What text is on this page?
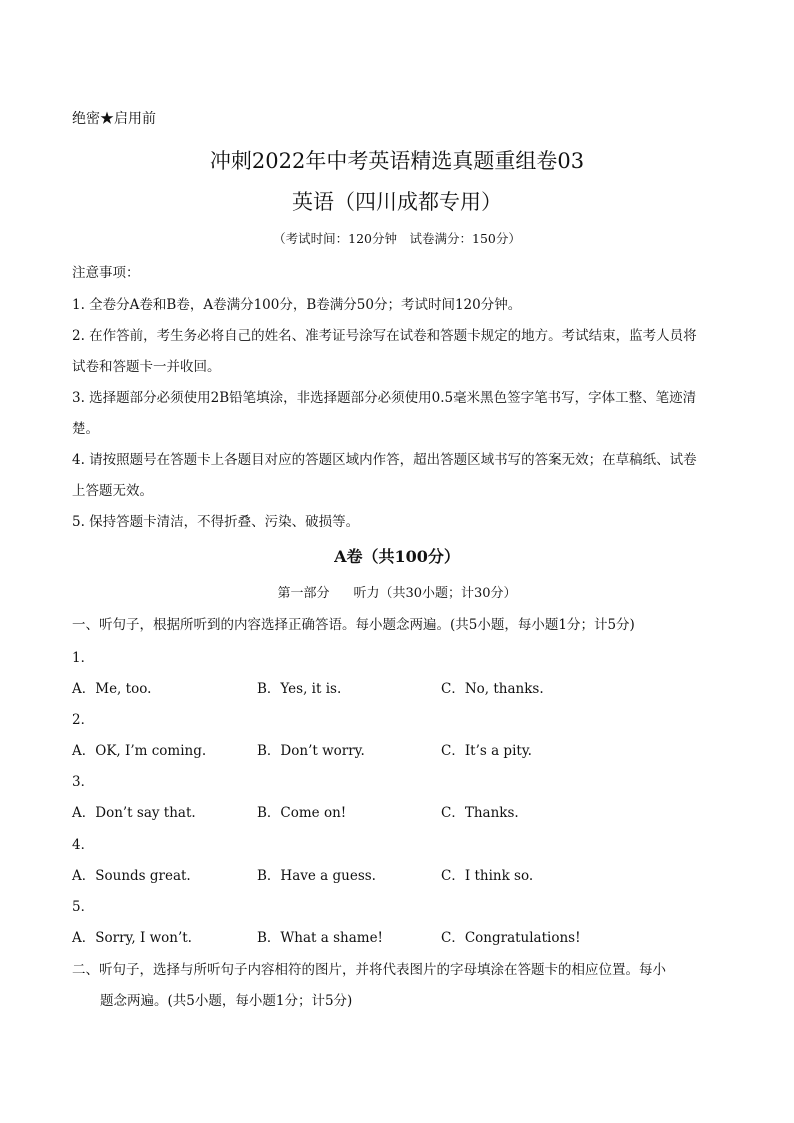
绝密★启用前
冲刺2022年中考英语精选真题重组卷03
英语（四川成都专用）
（考试时间：120分钟　试卷满分：150分）
注意事项：
1. 全卷分A卷和B卷，A卷满分100分，B卷满分50分；考试时间120分钟。
2. 在作答前，考生务必将自己的姓名、准考证号涂写在试卷和答题卡规定的地方。考试结束，监考人员将
试卷和答题卡一并收回。
3. 选择题部分必须使用2B铅笔填涂，非选择题部分必须使用0.5毫米黑色签字笔书写，字体工整、笔迹清
楚。
4. 请按照题号在答题卡上各题目对应的答题区域内作答，超出答题区域书写的答案无效；在草稿纸、试卷
上答题无效。
5. 保持答题卡清洁，不得折叠、污染、破损等。
A卷（共100分）
第一部分 听力（共30小题；计30分）
一、听句子，根据所听到的内容选择正确答语。每小题念两遍。(共5小题，每小题1分；计5分)
1．
A．Me, too.	B．Yes, it is.	C．No, thanks.
2．
A．OK, I’m coming.	B．Don’t worry.	C．It’s a pity.
3．
A．Don’t say that.	B．Come on!	C．Thanks.
4．
A．Sounds great.	B．Have a guess.	C．I think so.
5．
A．Sorry, I won’t.	B．What a shame!	C．Congratulations!
二、听句子，选择与所听句子内容相符的图片，并将代表图片的字母填涂在答题卡的相应位置。每小
题念两遍。(共5小题，每小题1分；计5分)
